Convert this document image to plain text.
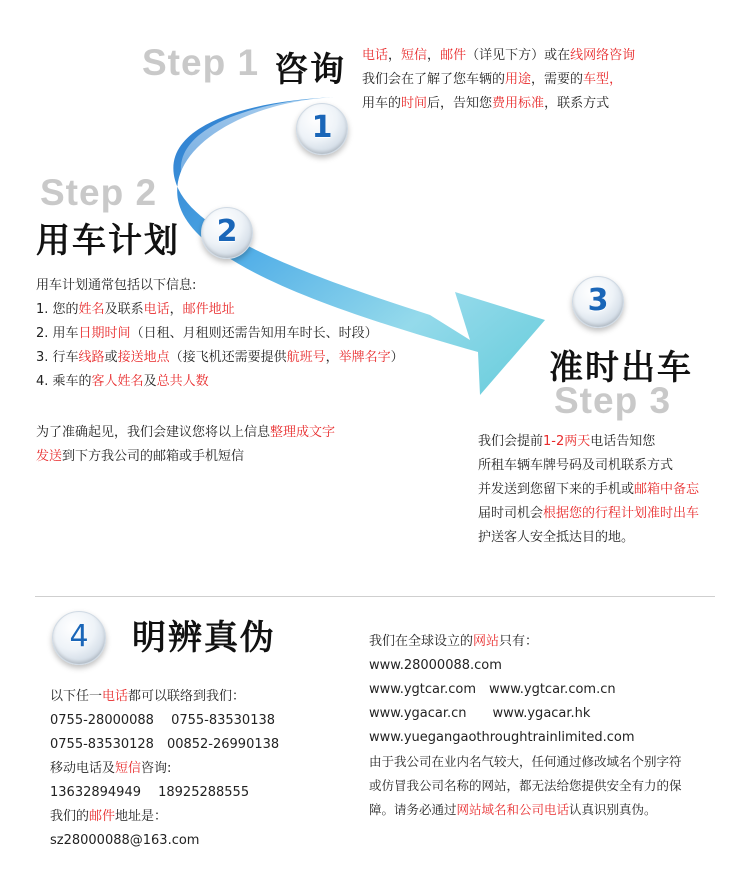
Step 1 咨询
1
电话，短信，邮件（详见下方）或在线网络咨询
我们会在了解了您车辆的用途，需要的车型，
用车的时间后，告知您费用标准，联系方式
Step 2
用车计划	2
用车计划通常包括以下信息:
1. 您的姓名及联系电话，邮件地址
2. 用车日期时间（日租、月租则还需告知用车时长、时段）
3. 行车线路或接送地点（接飞机还需要提供航班号，举牌名字）
4. 乘车的客人姓名及总共人数
为了准确起见，我们会建议您将以上信息整理成文字
发送到下方我公司的邮箱或手机短信
3
准时出车
Step 3
我们会提前1-2两天电话告知您
所租车辆车牌号码及司机联系方式
并发送到您留下来的手机或邮箱中备忘
届时司机会根据您的行程计划准时出车
护送客人安全抵达目的地。
4	明辨真伪
以下任一电话都可以联络到我们：
0755-28000088　 0755-83530138
0755-83530128　00852-26990138
移动电话及短信咨询:
13632894949　 18925288555
我们的邮件地址是：
sz28000088@163.com
我们在全球设立的网站只有：
www.28000088.com
www.ygtcar.com　www.ygtcar.com.cn
www.ygacar.cn　　www.ygacar.hk
www.yuegangaothroughtrainlimited.com
由于我公司在业内名气较大，任何通过修改域名个别字符
或仿冒我公司名称的网站，都无法给您提供安全有力的保
障。请务必通过网站域名和公司电话认真识别真伪。
